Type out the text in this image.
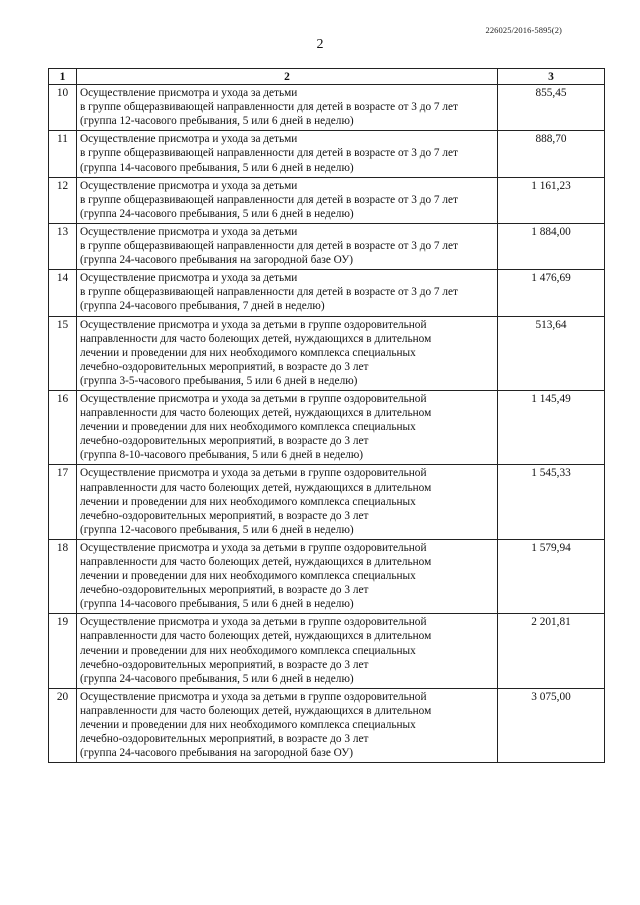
226025/2016-5895(2)
2
1	2	3
10	Осуществление присмотра и ухода за детьми
в группе общеразвивающей направленности для детей в возрасте от 3 до 7 лет
(группа 12-часового пребывания, 5 или 6 дней в неделю)	855,45
11	Осуществление присмотра и ухода за детьми
в группе общеразвивающей направленности для детей в возрасте от 3 до 7 лет
(группа 14-часового пребывания, 5 или 6 дней в неделю)	888,70
12	Осуществление присмотра и ухода за детьми
в группе общеразвивающей направленности для детей в возрасте от 3 до 7 лет
(группа 24-часового пребывания, 5 или 6 дней в неделю)	1 161,23
13	Осуществление присмотра и ухода за детьми
в группе общеразвивающей направленности для детей в возрасте от 3 до 7 лет
(группа 24-часового пребывания на загородной базе ОУ)	1 884,00
14	Осуществление присмотра и ухода за детьми
в группе общеразвивающей направленности для детей в возрасте от 3 до 7 лет
(группа 24-часового пребывания, 7 дней в неделю)	1 476,69
15	Осуществление присмотра и ухода за детьми в группе оздоровительной
направленности для часто болеющих детей, нуждающихся в длительном
лечении и проведении для них необходимого комплекса специальных
лечебно-оздоровительных мероприятий, в возрасте до 3 лет
(группа 3-5-часового пребывания, 5 или 6 дней в неделю)	513,64
16	Осуществление присмотра и ухода за детьми в группе оздоровительной
направленности для часто болеющих детей, нуждающихся в длительном
лечении и проведении для них необходимого комплекса специальных
лечебно-оздоровительных мероприятий, в возрасте до 3 лет
(группа 8-10-часового пребывания, 5 или 6 дней в неделю)	1 145,49
17	Осуществление присмотра и ухода за детьми в группе оздоровительной
направленности для часто болеющих детей, нуждающихся в длительном
лечении и проведении для них необходимого комплекса специальных
лечебно-оздоровительных мероприятий, в возрасте до 3 лет
(группа 12-часового пребывания, 5 или 6 дней в неделю)	1 545,33
18	Осуществление присмотра и ухода за детьми в группе оздоровительной
направленности для часто болеющих детей, нуждающихся в длительном
лечении и проведении для них необходимого комплекса специальных
лечебно-оздоровительных мероприятий, в возрасте до 3 лет
(группа 14-часового пребывания, 5 или 6 дней в неделю)	1 579,94
19	Осуществление присмотра и ухода за детьми в группе оздоровительной
направленности для часто болеющих детей, нуждающихся в длительном
лечении и проведении для них необходимого комплекса специальных
лечебно-оздоровительных мероприятий, в возрасте до 3 лет
(группа 24-часового пребывания, 5 или 6 дней в неделю)	2 201,81
20	Осуществление присмотра и ухода за детьми в группе оздоровительной
направленности для часто болеющих детей, нуждающихся в длительном
лечении и проведении для них необходимого комплекса специальных
лечебно-оздоровительных мероприятий, в возрасте до 3 лет
(группа 24-часового пребывания на загородной базе ОУ)	3 075,00
